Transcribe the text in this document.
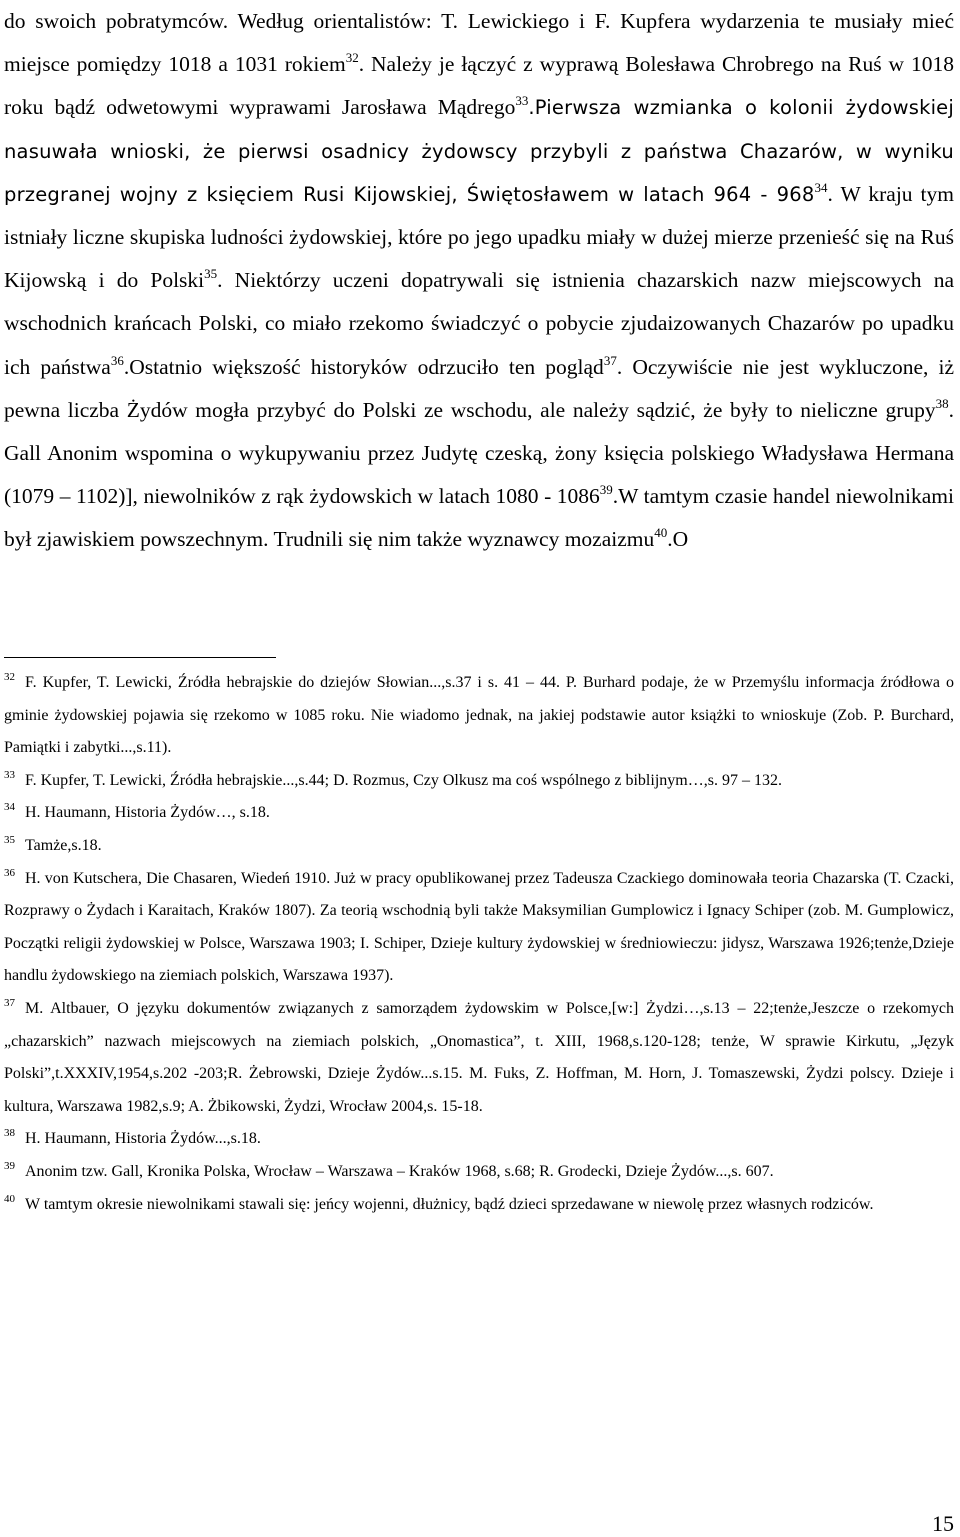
do swoich pobratymców. Według orientalistów: T. Lewickiego i F. Kupfera wydarzenia te musiały mieć miejsce pomiędzy 1018 a 1031 rokiem$^{32}$. Należy je łączyć z wyprawą Bolesława Chrobrego na Ruś w 1018 roku bądź odwetowymi wyprawami Jarosława Mądrego$^{33}$.Pierwsza wzmianka o kolonii żydowskiej nasuwała wnioski, że pierwsi osadnicy żydowscy przybyli z państwa Chazarów, w wyniku przegranej wojny z księciem Rusi Kijowskiej, Świętosławem w latach $964 - 968^{34}$. W kraju tym istniały liczne skupiska ludności żydowskiej, które po jego upadku miały w dużej mierze przenieść się na Ruś Kijowską i do Polski$^{35}$. Niektórzy uczeni dopatrywali się istnienia chazarskich nazw miejscowych na wschodnich krańcach Polski, co miało rzekomo świadczyć o pobycie zjudaizowanych Chazarów po upadku ich państwa$^{36}$.Ostatnio większość historyków odrzuciło ten pogląd$^{37}$. Oczywiście nie jest wykluczone, iż pewna liczba Żydów mogła przybyć do Polski ze wschodu, ale należy sądzić, że były to nieliczne grupy$^{38}$. Gall Anonim wspomina o wykupywaniu przez Judytę czeską, żony księcia polskiego Władysława Hermana (1079 – 1102)], niewolników z rąk żydowskich w latach 1080 - 1086$^{39}$.W tamtym czasie handel niewolnikami był zjawiskiem powszechnym. Trudnili się nim także wyznawcy mozaizmu$^{40}$.O

$^{32}$ F. Kupfer, T. Lewicki, Źródła hebrajskie do dziejów Słowian...,s.37 i s. 41 – 44. P. Burhard podaje, że w Przemyślu informacja źródłowa o gminie żydowskiej pojawia się rzekomo w 1085 roku. Nie wiadomo jednak, na jakiej podstawie autor książki to wnioskuje (Zob. P. Burchard, Pamiątki i zabytki...,s.11).

$^{33}$ F. Kupfer, T. Lewicki, Źródła hebrajskie...,s.44; D. Rozmus, Czy Olkusz ma coś wspólnego z biblijnym…,s. 97 – 132.

$^{34}$ H. Haumann, Historia Żydów…, s.18.

$^{35}$ Tamże,s.18.

$^{36}$ H. von Kutschera, Die Chasaren, Wiedeń 1910. Już w pracy opublikowanej przez Tadeusza Czackiego dominowała teoria Chazarska (T. Czacki, Rozprawy o Żydach i Karaitach, Kraków 1807). Za teorią wschodnią byli także Maksymilian Gumplowicz i Ignacy Schiper (zob. M. Gumplowicz, Początki religii żydowskiej w Polsce, Warszawa 1903; I. Schiper, Dzieje kultury żydowskiej w średniowieczu: jidysz, Warszawa 1926;tenże,Dzieje handlu żydowskiego na ziemiach polskich, Warszawa 1937).

$^{37}$ M. Altbauer, O języku dokumentów związanych z samorządem żydowskim w Polsce,[w:] Żydzi…,s.13 – 22;tenże,Jeszcze o rzekomych „chazarskich” nazwach miejscowych na ziemiach polskich, „Onomastica”, t. XIII, 1968,s.120-128; tenże, W sprawie Kirkutu, „Język Polski”,t.XXXIV,1954,s.202 -203;R. Żebrowski, Dzieje Żydów...s.15. M. Fuks, Z. Hoffman, M. Horn, J. Tomaszewski, Żydzi polscy. Dzieje i kultura, Warszawa 1982,s.9; A. Żbikowski, Żydzi, Wrocław 2004,s. 15-18.

$^{38}$ H. Haumann, Historia Żydów...,s.18.

$^{39}$ Anonim tzw. Gall, Kronika Polska, Wrocław – Warszawa – Kraków 1968, s.68; R. Grodecki, Dzieje Żydów...,s. 607.

$^{40}$ W tamtym okresie niewolnikami stawali się: jeńcy wojenni, dłużnicy, bądź dzieci sprzedawane w niewolę przez własnych rodziców.

15
